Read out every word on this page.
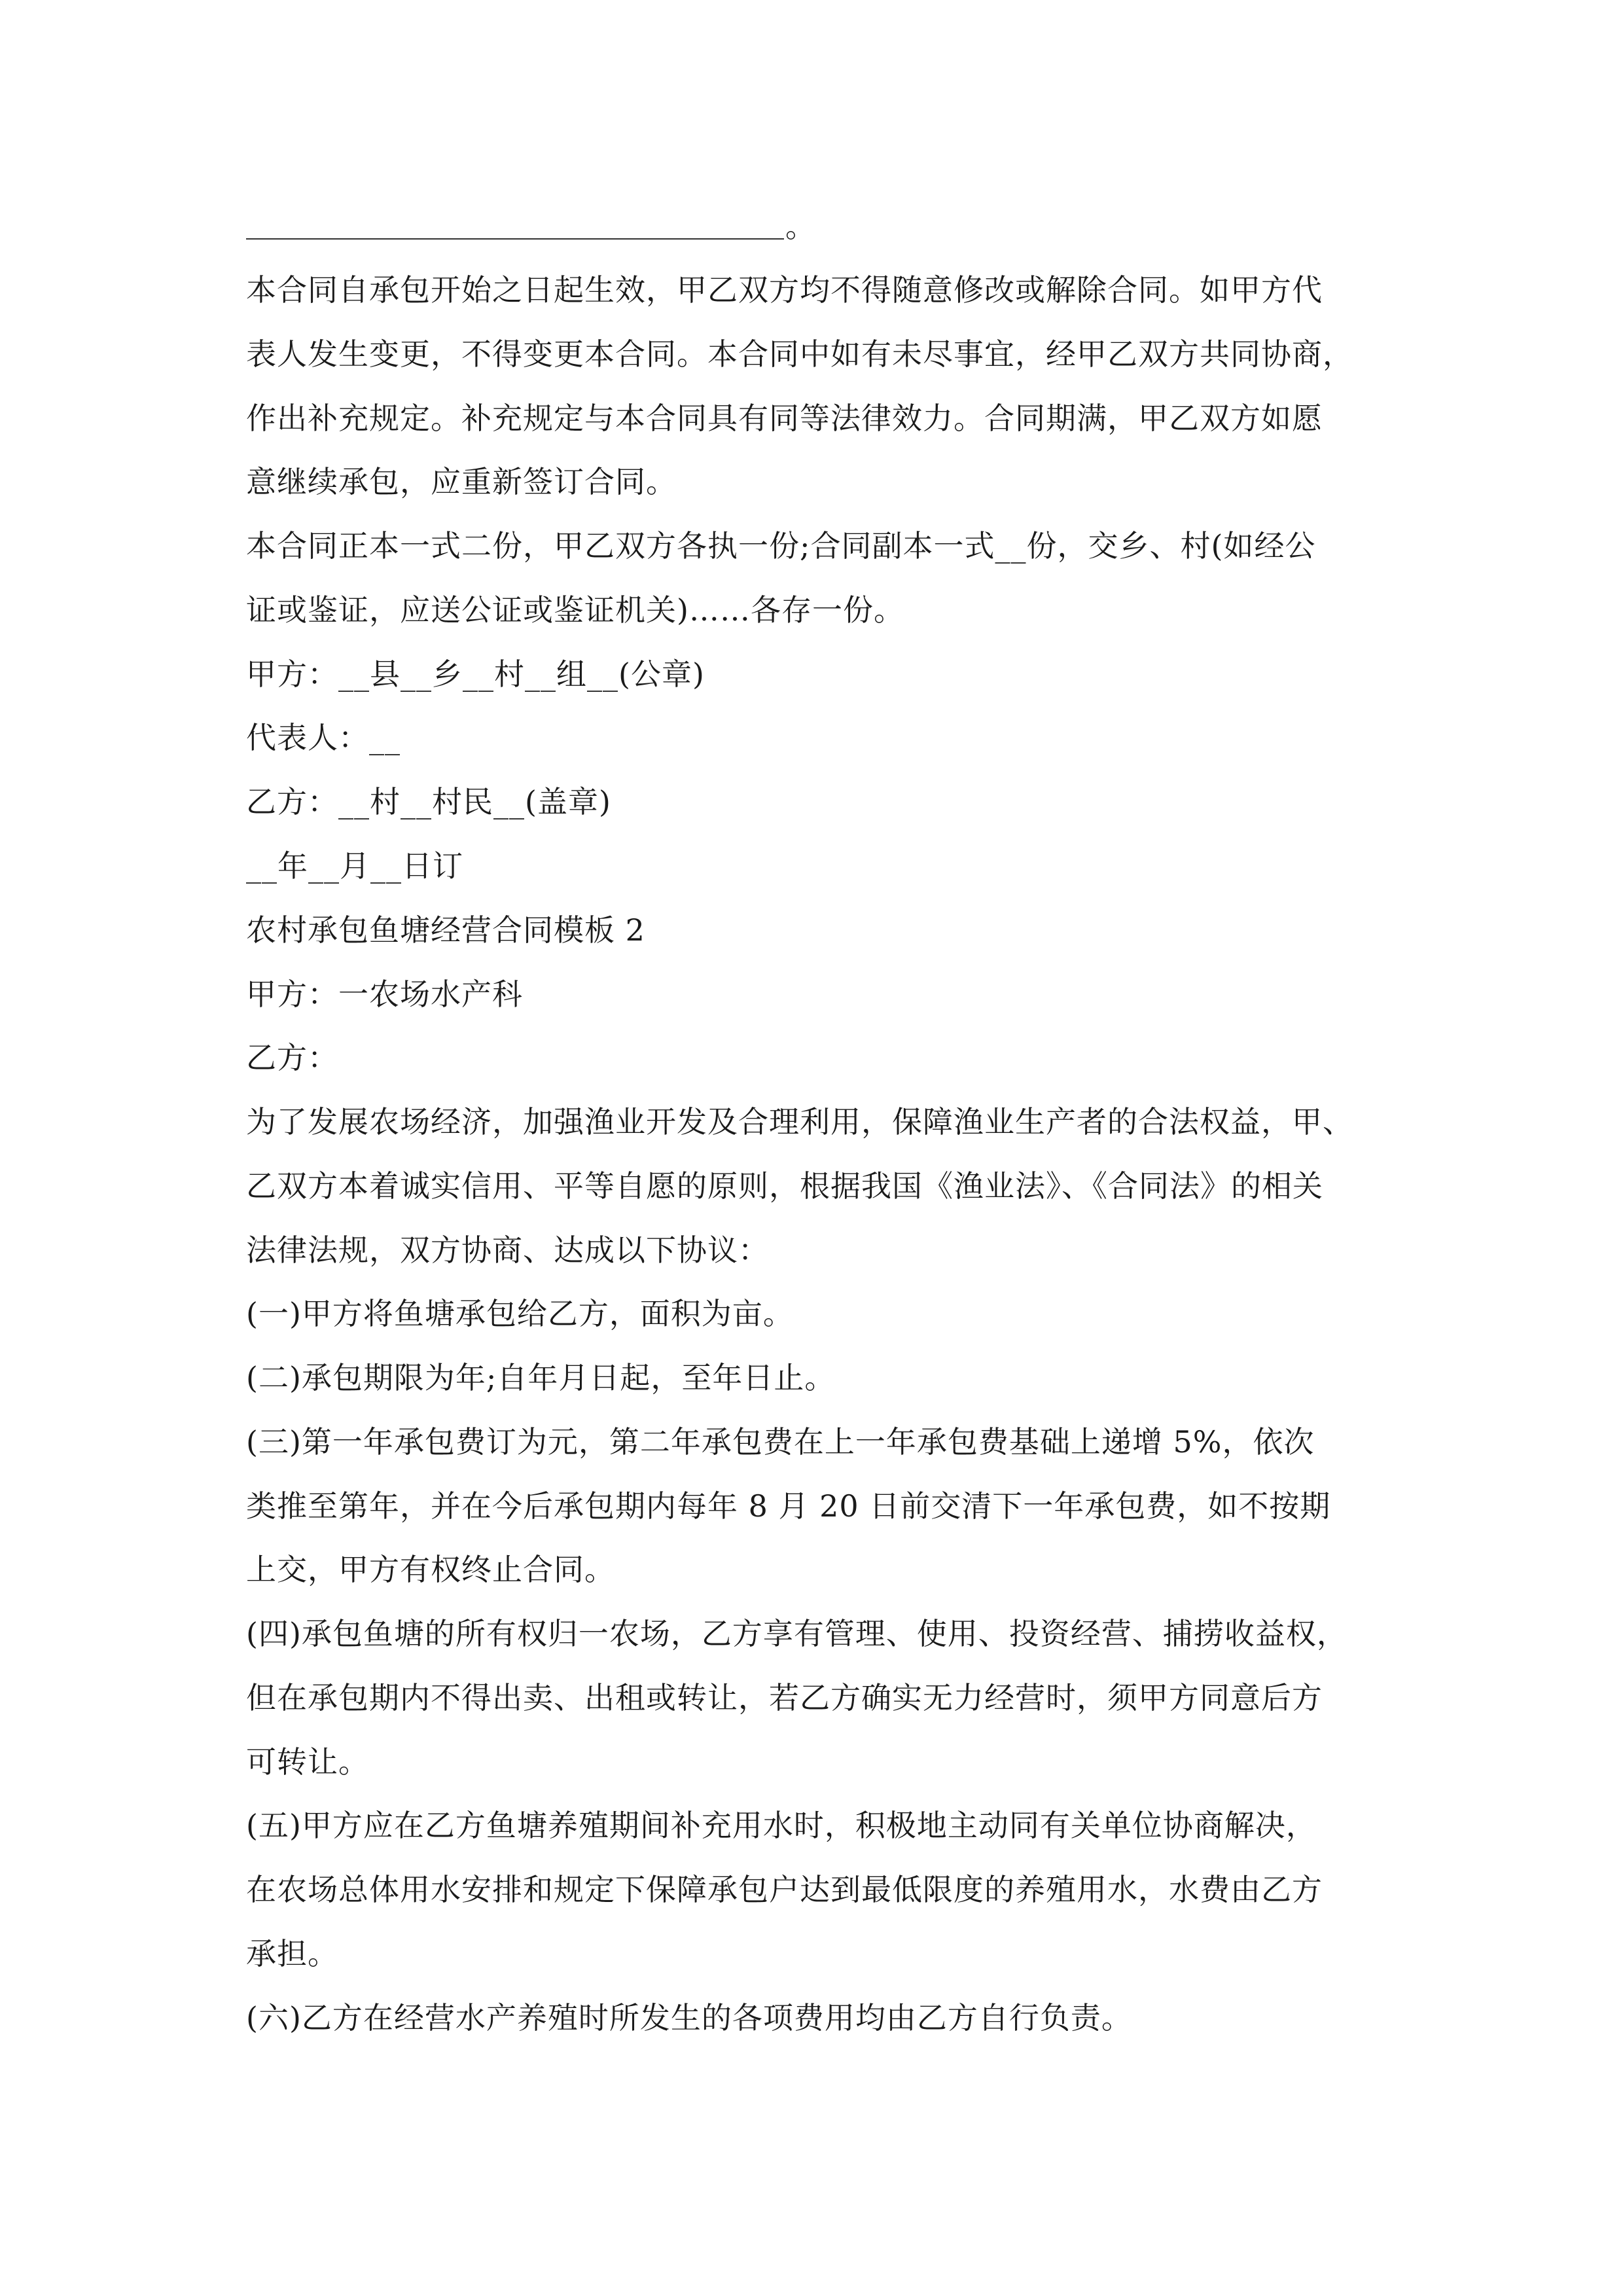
。
本合同自承包开始之日起生效，甲乙双方均不得随意修改或解除合同。如甲方代
表人发生变更，不得变更本合同。本合同中如有未尽事宜，经甲乙双方共同协商，
作出补充规定。补充规定与本合同具有同等法律效力。合同期满，甲乙双方如愿
意继续承包，应重新签订合同。
本合同正本一式二份，甲乙双方各执一份;合同副本一式__份，交乡、村(如经公
证或鉴证，应送公证或鉴证机关)……各存一份。
甲方：__县__乡__村__组__(公章)
代表人：__
乙方：__村__村民__(盖章)
__年__月__日订
农村承包鱼塘经营合同模板 2
甲方：一农场水产科
乙方：
为了发展农场经济，加强渔业开发及合理利用，保障渔业生产者的合法权益，甲、
乙双方本着诚实信用、平等自愿的原则，根据我国《渔业法》、《合同法》的相关
法律法规，双方协商、达成以下协议：
(一)甲方将鱼塘承包给乙方，面积为亩。
(二)承包期限为年;自年月日起，至年日止。
(三)第一年承包费订为元，第二年承包费在上一年承包费基础上递增 5%，依次
类推至第年，并在今后承包期内每年 8 月 20 日前交清下一年承包费，如不按期
上交，甲方有权终止合同。
(四)承包鱼塘的所有权归一农场，乙方享有管理、使用、投资经营、捕捞收益权，
但在承包期内不得出卖、出租或转让，若乙方确实无力经营时，须甲方同意后方
可转让。
(五)甲方应在乙方鱼塘养殖期间补充用水时，积极地主动同有关单位协商解决，
在农场总体用水安排和规定下保障承包户达到最低限度的养殖用水，水费由乙方
承担。
(六)乙方在经营水产养殖时所发生的各项费用均由乙方自行负责。
